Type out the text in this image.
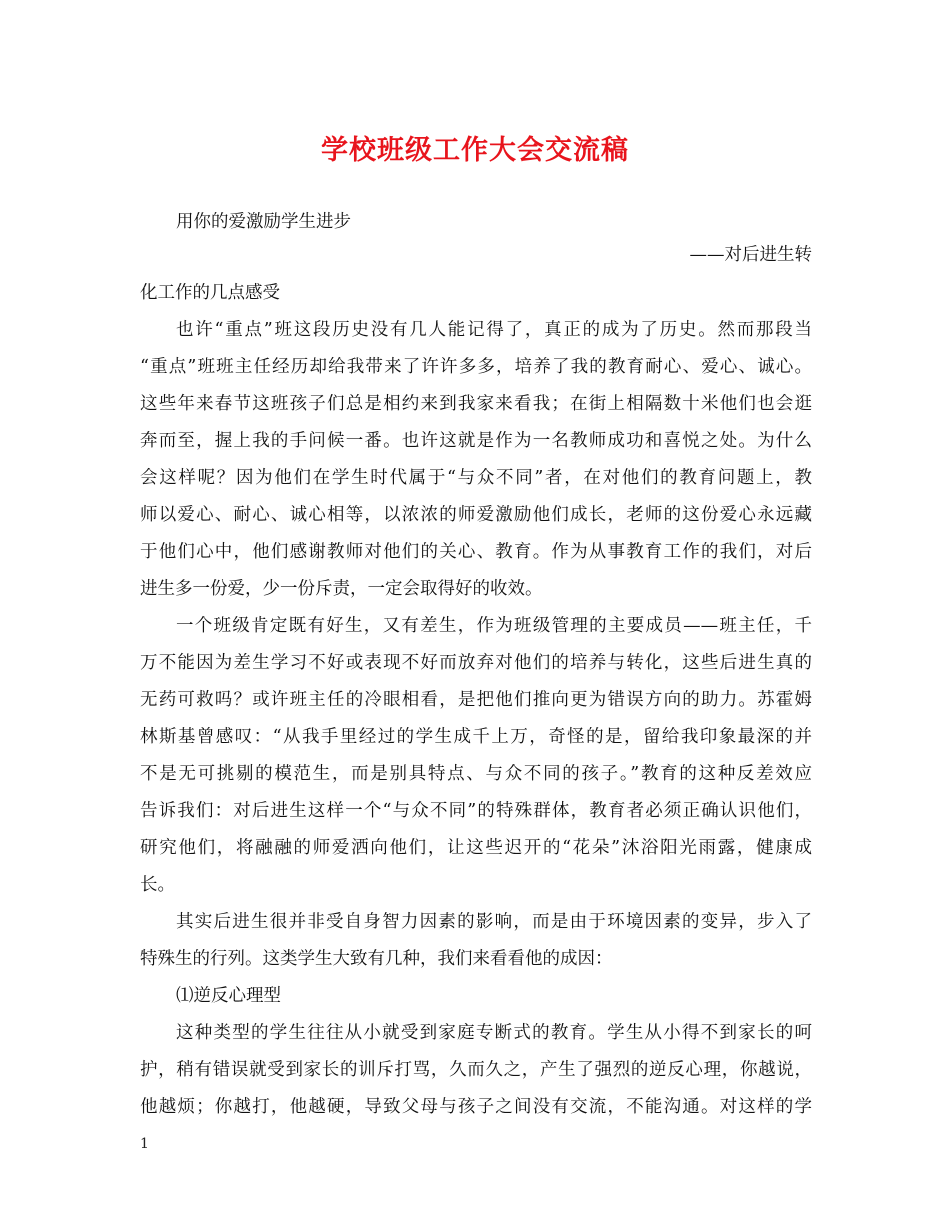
学校班级工作大会交流稿
用你的爱激励学生进步
——对后进生转
化工作的几点感受
也许“重点”班这段历史没有几人能记得了，真正的成为了历史。然而那段当
“重点”班班主任经历却给我带来了许许多多，培养了我的教育耐心、爱心、诚心。
这些年来春节这班孩子们总是相约来到我家来看我；在街上相隔数十米他们也会逛
奔而至，握上我的手问候一番。也许这就是作为一名教师成功和喜悦之处。为什么
会这样呢？因为他们在学生时代属于“与众不同”者，在对他们的教育问题上，教
师以爱心、耐心、诚心相等，以浓浓的师爱激励他们成长，老师的这份爱心永远藏
于他们心中，他们感谢教师对他们的关心、教育。作为从事教育工作的我们，对后
进生多一份爱，少一份斥责，一定会取得好的收效。
一个班级肯定既有好生，又有差生，作为班级管理的主要成员——班主任，千
万不能因为差生学习不好或表现不好而放弃对他们的培养与转化，这些后进生真的
无药可救吗？或许班主任的冷眼相看，是把他们推向更为错误方向的助力。苏霍姆
林斯基曾感叹：“从我手里经过的学生成千上万，奇怪的是，留给我印象最深的并
不是无可挑剔的模范生，而是别具特点、与众不同的孩子。”教育的这种反差效应
告诉我们：对后进生这样一个“与众不同”的特殊群体，教育者必须正确认识他们，
研究他们，将融融的师爱洒向他们，让这些迟开的“花朵”沐浴阳光雨露，健康成
长。
其实后进生很并非受自身智力因素的影响，而是由于环境因素的变异，步入了
特殊生的行列。这类学生大致有几种，我们来看看他的成因：
⑴逆反心理型
这种类型的学生往往从小就受到家庭专断式的教育。学生从小得不到家长的呵
护，稍有错误就受到家长的训斥打骂，久而久之，产生了强烈的逆反心理，你越说，
他越烦；你越打，他越硬，导致父母与孩子之间没有交流，不能沟通。对这样的学
1
